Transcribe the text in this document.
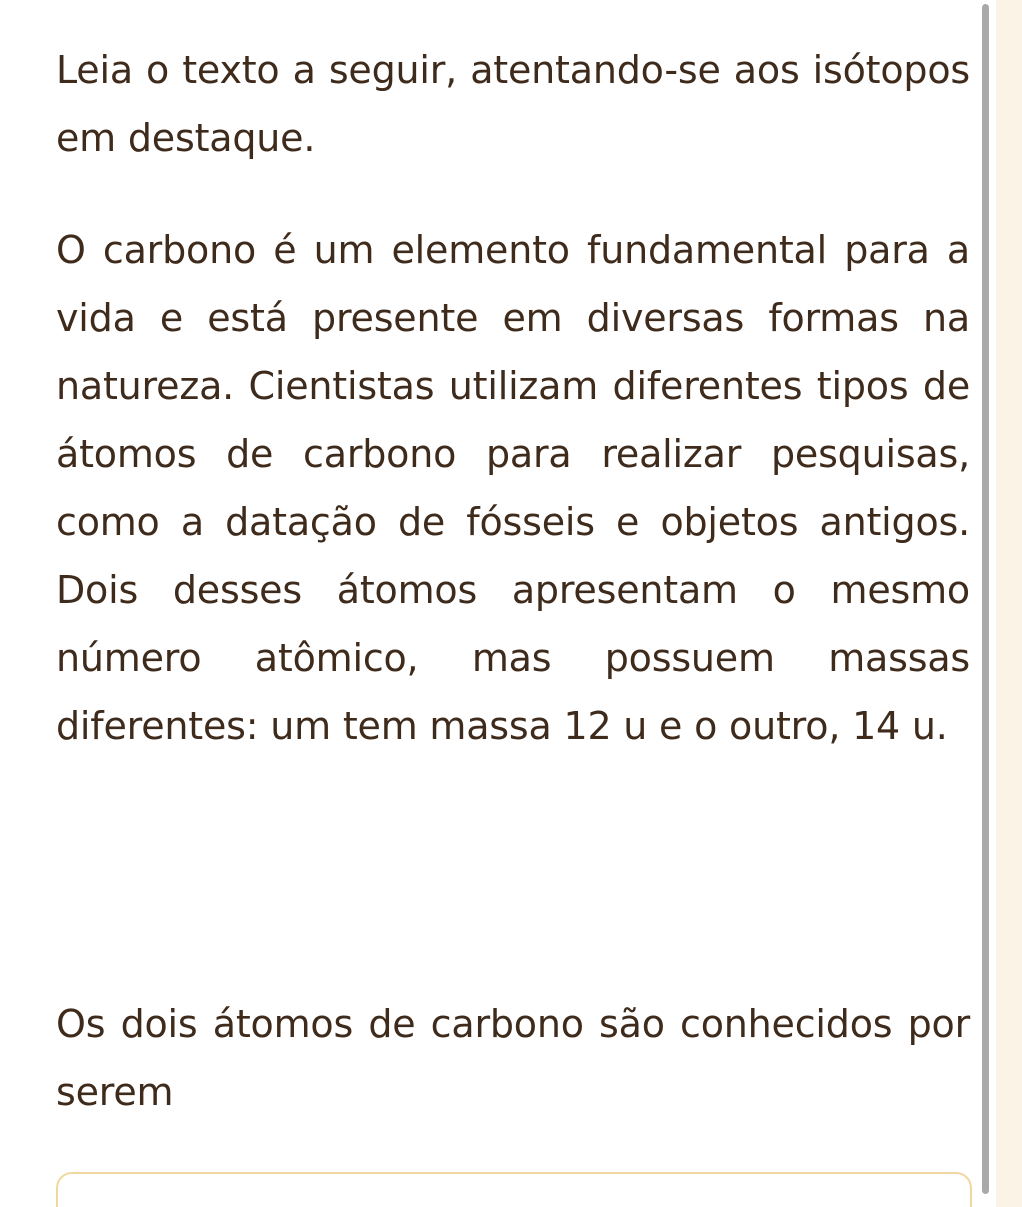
Leia o texto a seguir, atentando-se aos isótopos em destaque.

O carbono é um elemento fundamental para a vida e está presente em diversas formas na natureza. Cientistas utilizam diferentes tipos de átomos de carbono para realizar pesquisas, como a datação de fósseis e objetos antigos. Dois desses átomos apresentam o mesmo número atômico, mas possuem massas diferentes: um tem massa 12 u e o outro, 14 u.

Os dois átomos de carbono são conhecidos por serem
